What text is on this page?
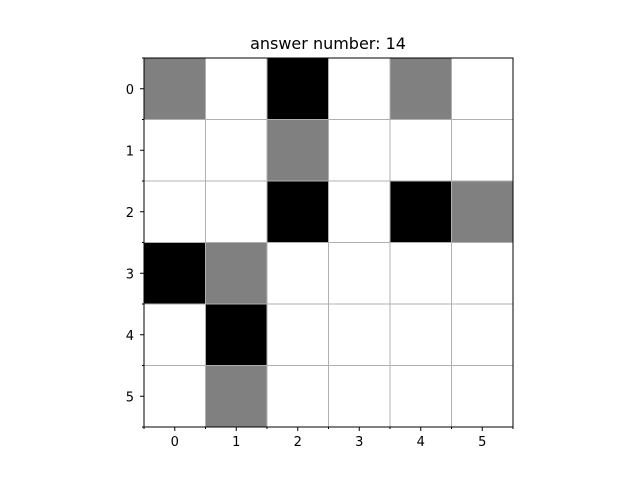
answer number: 14
0	1	2	3	4	5
0
1
2
3
4
5
